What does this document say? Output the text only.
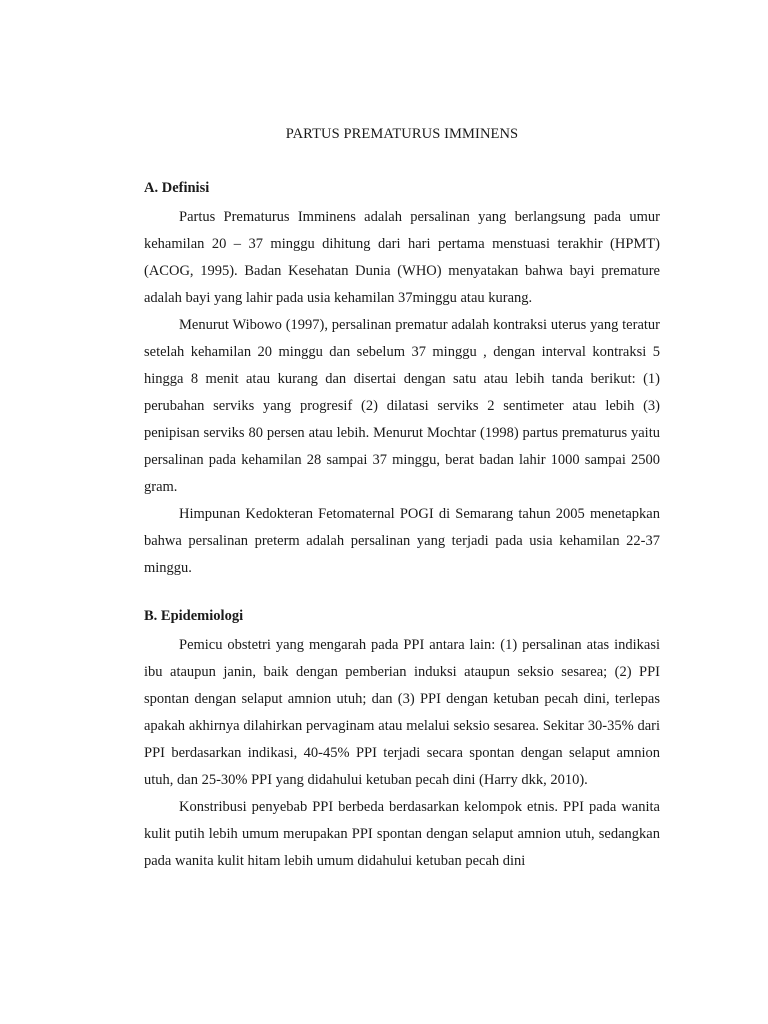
PARTUS PREMATURUS IMMINENS
A. Definisi

Partus Prematurus Imminens adalah persalinan yang berlangsung pada umur kehamilan 20 – 37 minggu dihitung dari hari pertama menstuasi terakhir (HPMT) (ACOG, 1995). Badan Kesehatan Dunia (WHO) menyatakan bahwa bayi premature adalah bayi yang lahir pada usia kehamilan 37minggu atau kurang.

Menurut Wibowo (1997), persalinan prematur adalah kontraksi uterus yang teratur setelah kehamilan 20 minggu dan sebelum 37 minggu , dengan interval kontraksi 5 hingga 8 menit atau kurang dan disertai dengan satu atau lebih tanda berikut: (1) perubahan serviks yang progresif (2) dilatasi serviks 2 sentimeter atau lebih (3) penipisan serviks 80 persen atau lebih. Menurut Mochtar (1998) partus prematurus yaitu persalinan pada kehamilan 28 sampai 37 minggu, berat badan lahir 1000 sampai 2500 gram.

Himpunan Kedokteran Fetomaternal POGI di Semarang tahun 2005 menetapkan bahwa persalinan preterm adalah persalinan yang terjadi pada usia kehamilan 22-37 minggu.

B. Epidemiologi

Pemicu obstetri yang mengarah pada PPI antara lain: (1) persalinan atas indikasi ibu ataupun janin, baik dengan pemberian induksi ataupun seksio sesarea; (2) PPI spontan dengan selaput amnion utuh; dan (3) PPI dengan ketuban pecah dini, terlepas apakah akhirnya dilahirkan pervaginam atau melalui seksio sesarea. Sekitar 30-35% dari PPI berdasarkan indikasi, 40-45% PPI terjadi secara spontan dengan selaput amnion utuh, dan 25-30% PPI yang didahului ketuban pecah dini (Harry dkk, 2010).

Konstribusi penyebab PPI berbeda berdasarkan kelompok etnis. PPI pada wanita kulit putih lebih umum merupakan PPI spontan dengan selaput amnion utuh, sedangkan pada wanita kulit hitam lebih umum didahului ketuban pecah dini
